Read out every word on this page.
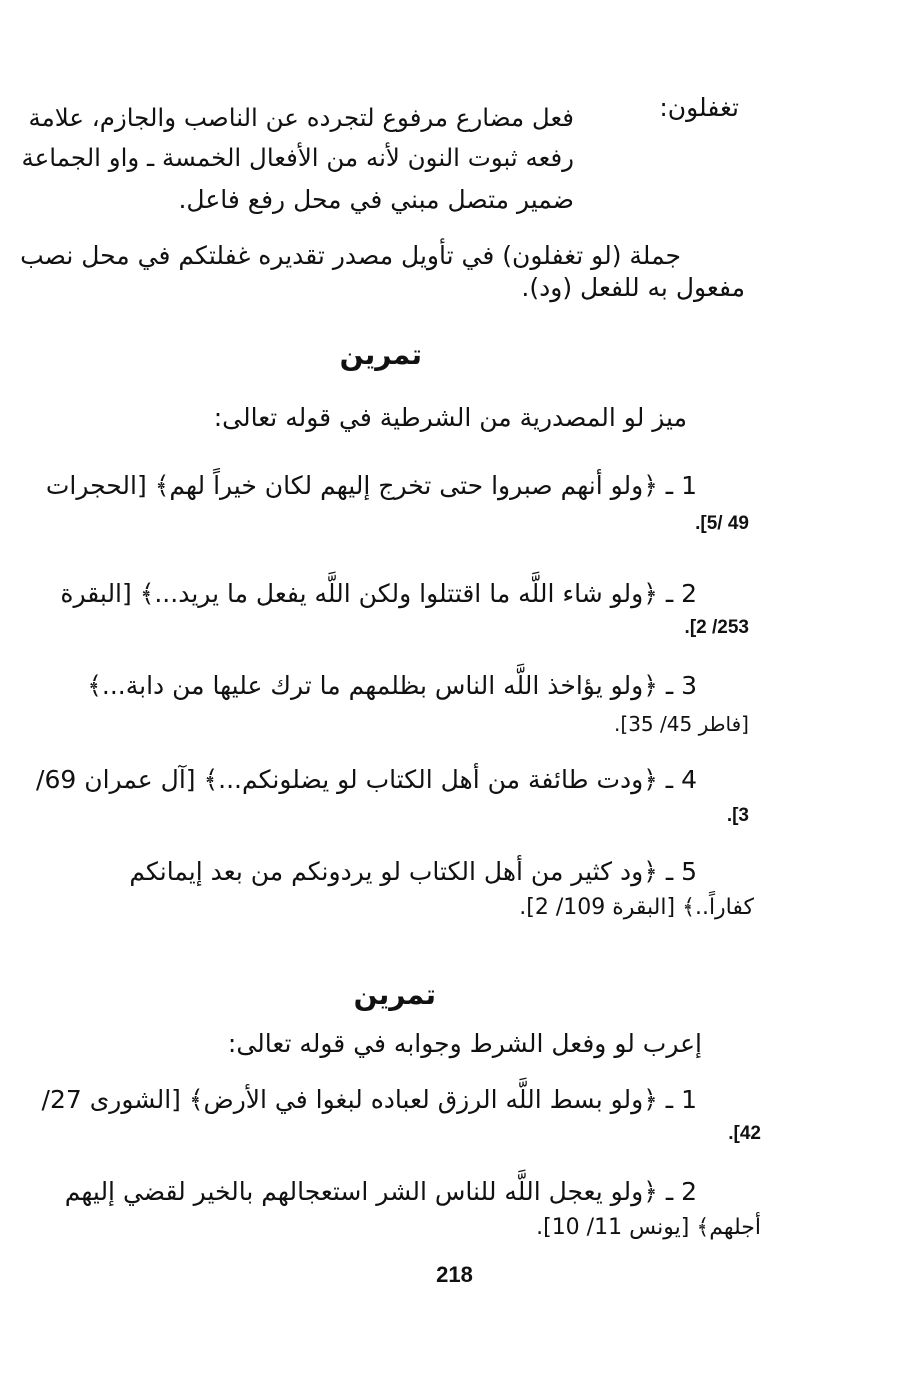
تغفلون:
فعل مضارع مرفوع لتجرده عن الناصب والجازم، علامة
رفعه ثبوت النون لأنه من الأفعال الخمسة ـ واو الجماعة
ضمير متصل مبني في محل رفع فاعل.
جملة (لو تغفلون) في تأويل مصدر تقديره غفلتكم في محل نصب
مفعول به للفعل (ود).
تمرين
ميز لو المصدرية من الشرطية في قوله تعالى:
1 ـ ﴿ولو أنهم صبروا حتى تخرج إليهم لكان خيراً لهم﴾ [الحجرات
49 /5].
2 ـ ﴿ولو شاء اللَّه ما اقتتلوا ولكن اللَّه يفعل ما يريد...﴾ [البقرة
253/ 2].
3 ـ ﴿ولو يؤاخذ اللَّه الناس بظلمهم ما ترك عليها من دابة...﴾
[فاطر 45/ 35].
4 ـ ﴿ودت طائفة من أهل الكتاب لو يضلونكم...﴾ [آل عمران 69/
3].
5 ـ ﴿ود كثير من أهل الكتاب لو يردونكم من بعد إيمانكم
كفاراً..﴾ [البقرة 109/ 2].
تمرين
إعرب لو وفعل الشرط وجوابه في قوله تعالى:
1 ـ ﴿ولو بسط اللَّه الرزق لعباده لبغوا في الأرض﴾ [الشورى 27/
42].
2 ـ ﴿ولو يعجل اللَّه للناس الشر استعجالهم بالخير لقضي إليهم
أجلهم﴾ [يونس 11/ 10].
218
